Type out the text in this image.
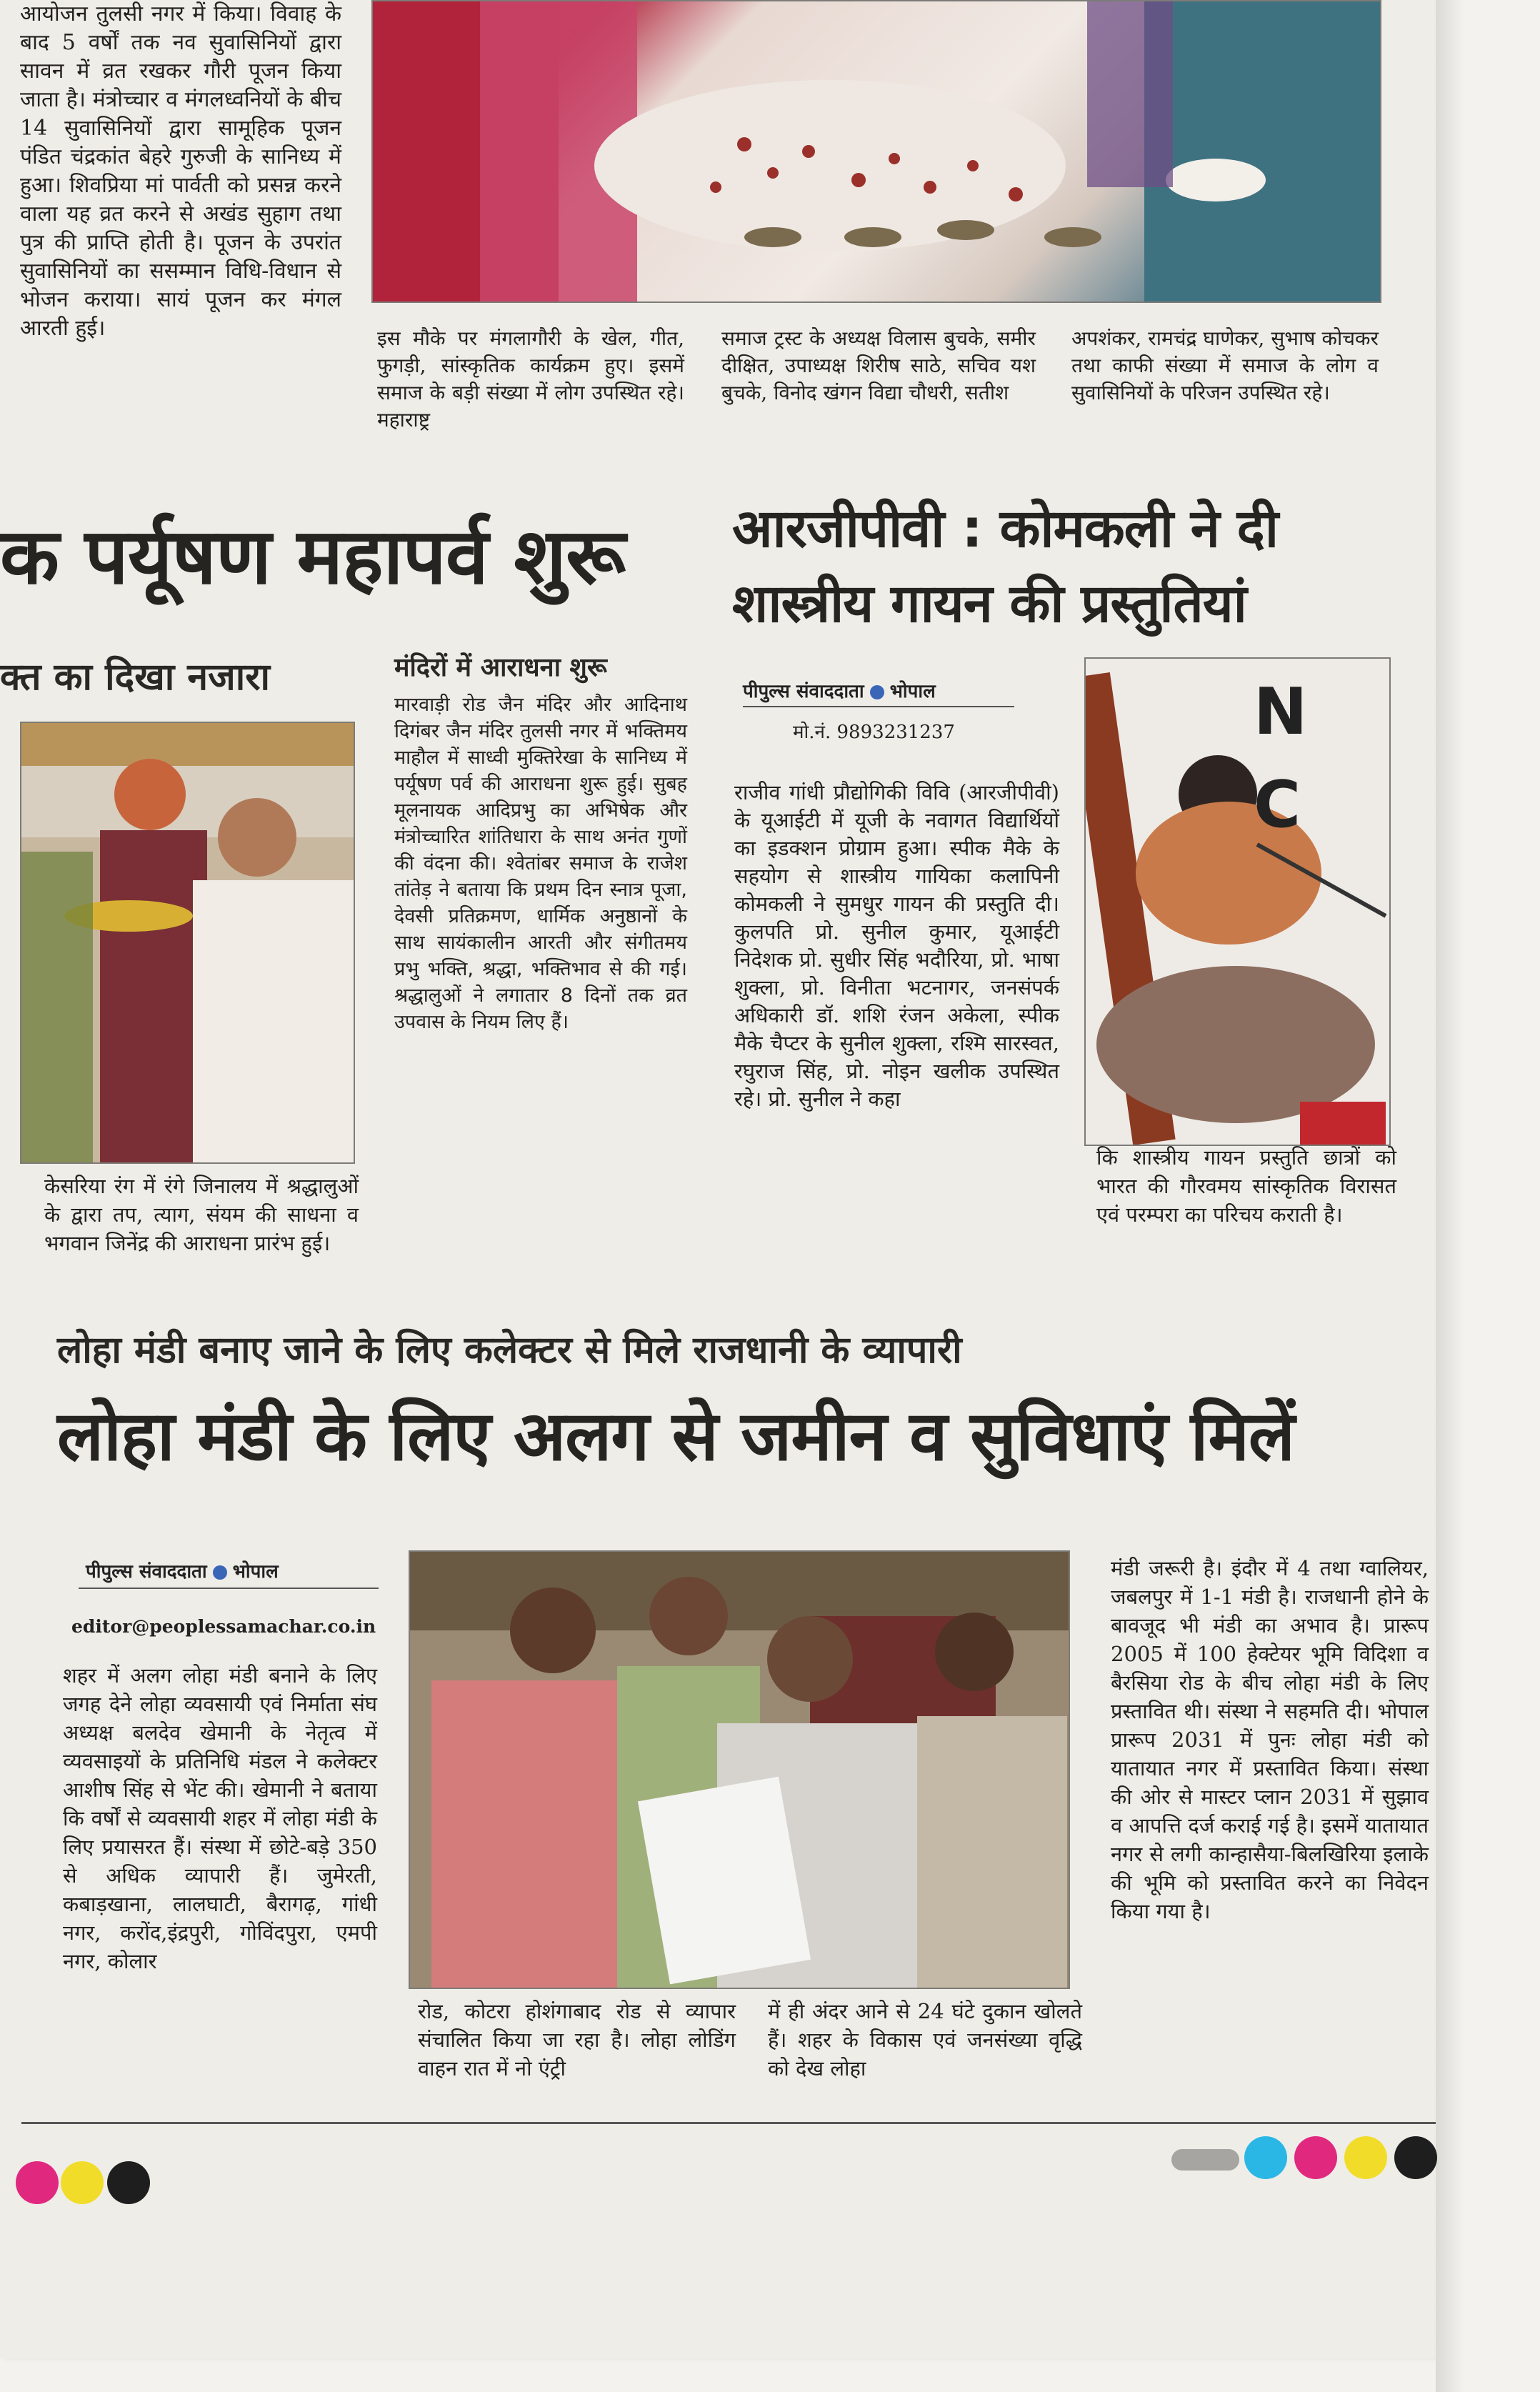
आयोजन तुलसी नगर में किया। विवाह के बाद 5 वर्षों तक नव सुवासिनियों द्वारा सावन में व्रत रखकर गौरी पूजन किया जाता है। मंत्रोच्चार व मंगलध्वनियों के बीच 14 सुवासिनियों द्वारा सामूहिक पूजन पंडित चंद्रकांत बेहरे गुरुजी के सानिध्य में हुआ। शिवप्रिया मां पार्वती को प्रसन्न करने वाला यह व्रत करने से अखंड सुहाग तथा पुत्र की प्राप्ति होती है। पूजन के उपरांत सुवासिनियों का ससम्मान विधि-विधान से भोजन कराया। सायं पूजन कर मंगल आरती हुई।	इस मौके पर मंगलागौरी के खेल, गीत, फुगड़ी, सांस्कृतिक कार्यक्रम हुए। इसमें समाज के बड़ी संख्या में लोग उपस्थित रहे। महाराष्ट्र
समाज ट्रस्ट के अध्यक्ष विलास बुचके, समीर दीक्षित, उपाध्यक्ष शिरीष साठे, सचिव यश बुचके, विनोद खंगन विद्या चौधरी, सतीश
अपशंकर, रामचंद्र घाणेकर, सुभाष कोचकर तथा काफी संख्या में समाज के लोग व सुवासिनियों के परिजन उपस्थित रहे।
क पर्यूषण महापर्व शुरू
क्त का दिखा नजारा
केसरिया रंग में रंगे जिनालय में श्रद्धालुओं के द्वारा तप, त्याग, संयम की साधना व भगवान जिनेंद्र की आराधना प्रारंभ हुई।
मंदिरों में आराधना शुरू
मारवाड़ी रोड जैन मंदिर और आदिनाथ दिगंबर जैन मंदिर तुलसी नगर में भक्तिमय माहौल में साध्वी मुक्तिरेखा के सानिध्य में पर्यूषण पर्व की आराधना शुरू हुई। सुबह मूलनायक आदिप्रभु का अभिषेक और मंत्रोच्चारित शांतिधारा के साथ अनंत गुणों की वंदना की। श्वेतांबर समाज के राजेश तांतेड़ ने बताया कि प्रथम दिन स्नात्र पूजा, देवसी प्रतिक्रमण, धार्मिक अनुष्ठानों के साथ सायंकालीन आरती और संगीतमय प्रभु भक्ति, श्रद्धा, भक्तिभाव से की गई। श्रद्धालुओं ने लगातार 8 दिनों तक व्रत उपवास के नियम लिए हैं।
आरजीपीवी : कोमकली ने दी
शास्त्रीय गायन की प्रस्तुतियां
पीपुल्स संवाददाता भोपाल
मो.नं. 9893231237
राजीव गांधी प्रौद्योगिकी विवि (आरजीपीवी) के यूआईटी में यूजी के नवागत विद्यार्थियों का इडक्शन प्रोग्राम हुआ। स्पीक मैके के सहयोग से शास्त्रीय गायिका कलापिनी कोमकली ने सुमधुर गायन की प्रस्तुति दी। कुलपति प्रो. सुनील कुमार, यूआईटी निदेशक प्रो. सुधीर सिंह भदौरिया, प्रो. भाषा शुक्ला, प्रो. विनीता भटनागर, जनसंपर्क अधिकारी डॉ. शशि रंजन अकेला, स्पीक मैके चैप्टर के सुनील शुक्ला, रश्मि सारस्वत, रघुराज सिंह, प्रो. नोइन खलीक उपस्थित रहे। प्रो. सुनील ने कहा
N C
कि शास्त्रीय गायन प्रस्तुति छात्रों को भारत की गौरवमय सांस्कृतिक विरासत एवं परम्परा का परिचय कराती है।
लोहा मंडी बनाए जाने के लिए कलेक्टर से मिले राजधानी के व्यापारी
लोहा मंडी के लिए अलग से जमीन व सुविधाएं मिलें
पीपुल्स संवाददाता भोपाल
editor@peoplessamachar.co.in
शहर में अलग लोहा मंडी बनाने के लिए जगह देने लोहा व्यवसायी एवं निर्माता संघ अध्यक्ष बलदेव खेमानी के नेतृत्व में व्यवसाइयों के प्रतिनिधि मंडल ने कलेक्टर आशीष सिंह से भेंट की। खेमानी ने बताया कि वर्षों से व्यवसायी शहर में लोहा मंडी के लिए प्रयासरत हैं। संस्था में छोटे-बड़े 350 से अधिक व्यापारी हैं। जुमेरती, कबाड़खाना, लालघाटी, बैरागढ़, गांधी नगर, करोंद,इंद्रपुरी, गोविंदपुरा, एमपी नगर, कोलार
रोड, कोटरा होशंगाबाद रोड से व्यापार संचालित किया जा रहा है। लोहा लोडिंग वाहन रात में नो एंट्री
में ही अंदर आने से 24 घंटे दुकान खोलते हैं। शहर के विकास एवं जनसंख्या वृद्धि को देख लोहा
मंडी जरूरी है। इंदौर में 4 तथा ग्वालियर, जबलपुर में 1-1 मंडी है। राजधानी होने के बावजूद भी मंडी का अभाव है। प्रारूप 2005 में 100 हेक्टेयर भूमि विदिशा व बैरसिया रोड के बीच लोहा मंडी के लिए प्रस्तावित थी। संस्था ने सहमति दी। भोपाल प्रारूप 2031 में पुनः लोहा मंडी को यातायात नगर में प्रस्तावित किया। संस्था की ओर से मास्टर प्लान 2031 में सुझाव व आपत्ति दर्ज कराई गई है। इसमें यातायात नगर से लगी कान्हासैया-बिलखिरिया इलाके की भूमि को प्रस्तावित करने का निवेदन किया गया है।
